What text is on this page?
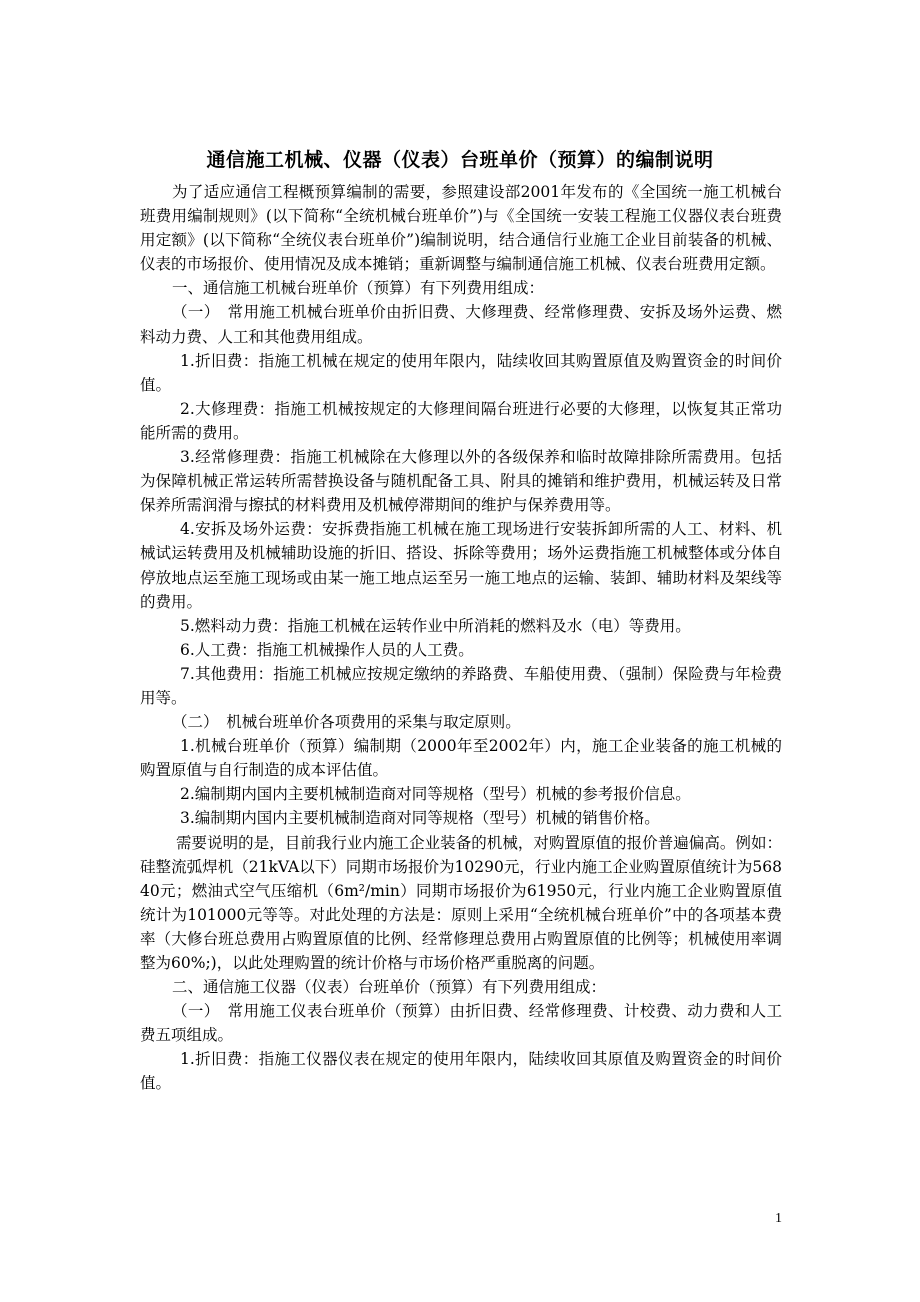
通信施工机械、仪器（仪表）台班单价（预算）的编制说明

为了适应通信工程概预算编制的需要，参照建设部2001年发布的《全国统一施工机械台班费用编制规则》(以下简称“全统机械台班单价”)与《全国统一安装工程施工仪器仪表台班费用定额》(以下简称“全统仪表台班单价”)编制说明，结合通信行业施工企业目前装备的机械、仪表的市场报价、使用情况及成本摊销；重新调整与编制通信施工机械、仪表台班费用定额。

一、通信施工机械台班单价（预算）有下列费用组成：

（一）　常用施工机械台班单价由折旧费、大修理费、经常修理费、安拆及场外运费、燃料动力费、人工和其他费用组成。

1.折旧费：指施工机械在规定的使用年限内，陆续收回其购置原值及购置资金的时间价值。

2.大修理费：指施工机械按规定的大修理间隔台班进行必要的大修理，以恢复其正常功能所需的费用。

3.经常修理费：指施工机械除在大修理以外的各级保养和临时故障排除所需费用。包括为保障机械正常运转所需替换设备与随机配备工具、附具的摊销和维护费用，机械运转及日常保养所需润滑与擦拭的材料费用及机械停滞期间的维护与保养费用等。

4.安拆及场外运费：安拆费指施工机械在施工现场进行安装拆卸所需的人工、材料、机械试运转费用及机械辅助设施的折旧、搭设、拆除等费用；场外运费指施工机械整体或分体自停放地点运至施工现场或由某一施工地点运至另一施工地点的运输、装卸、辅助材料及架线等的费用。

5.燃料动力费：指施工机械在运转作业中所消耗的燃料及水（电）等费用。

6.人工费：指施工机械操作人员的人工费。

7.其他费用：指施工机械应按规定缴纳的养路费、车船使用费、（强制）保险费与年检费用等。

（二）　机械台班单价各项费用的采集与取定原则。

1.机械台班单价（预算）编制期（2000年至2002年）内，施工企业装备的施工机械的购置原值与自行制造的成本评估值。

2.编制期内国内主要机械制造商对同等规格（型号）机械的参考报价信息。

3.编制期内国内主要机械制造商对同等规格（型号）机械的销售价格。

需要说明的是，目前我行业内施工企业装备的机械，对购置原值的报价普遍偏高。例如：硅整流弧焊机（21kVA以下）同期市场报价为10290元，行业内施工企业购置原值统计为56840元；燃油式空气压缩机（6m²/min）同期市场报价为61950元，行业内施工企业购置原值统计为101000元等等。对此处理的方法是：原则上采用“全统机械台班单价”中的各项基本费率（大修台班总费用占购置原值的比例、经常修理总费用占购置原值的比例等；机械使用率调整为60%;)，以此处理购置的统计价格与市场价格严重脱离的问题。

二、通信施工仪器（仪表）台班单价（预算）有下列费用组成：

（一）　常用施工仪表台班单价（预算）由折旧费、经常修理费、计校费、动力费和人工费五项组成。

1.折旧费：指施工仪器仪表在规定的使用年限内，陆续收回其原值及购置资金的时间价值。

1
